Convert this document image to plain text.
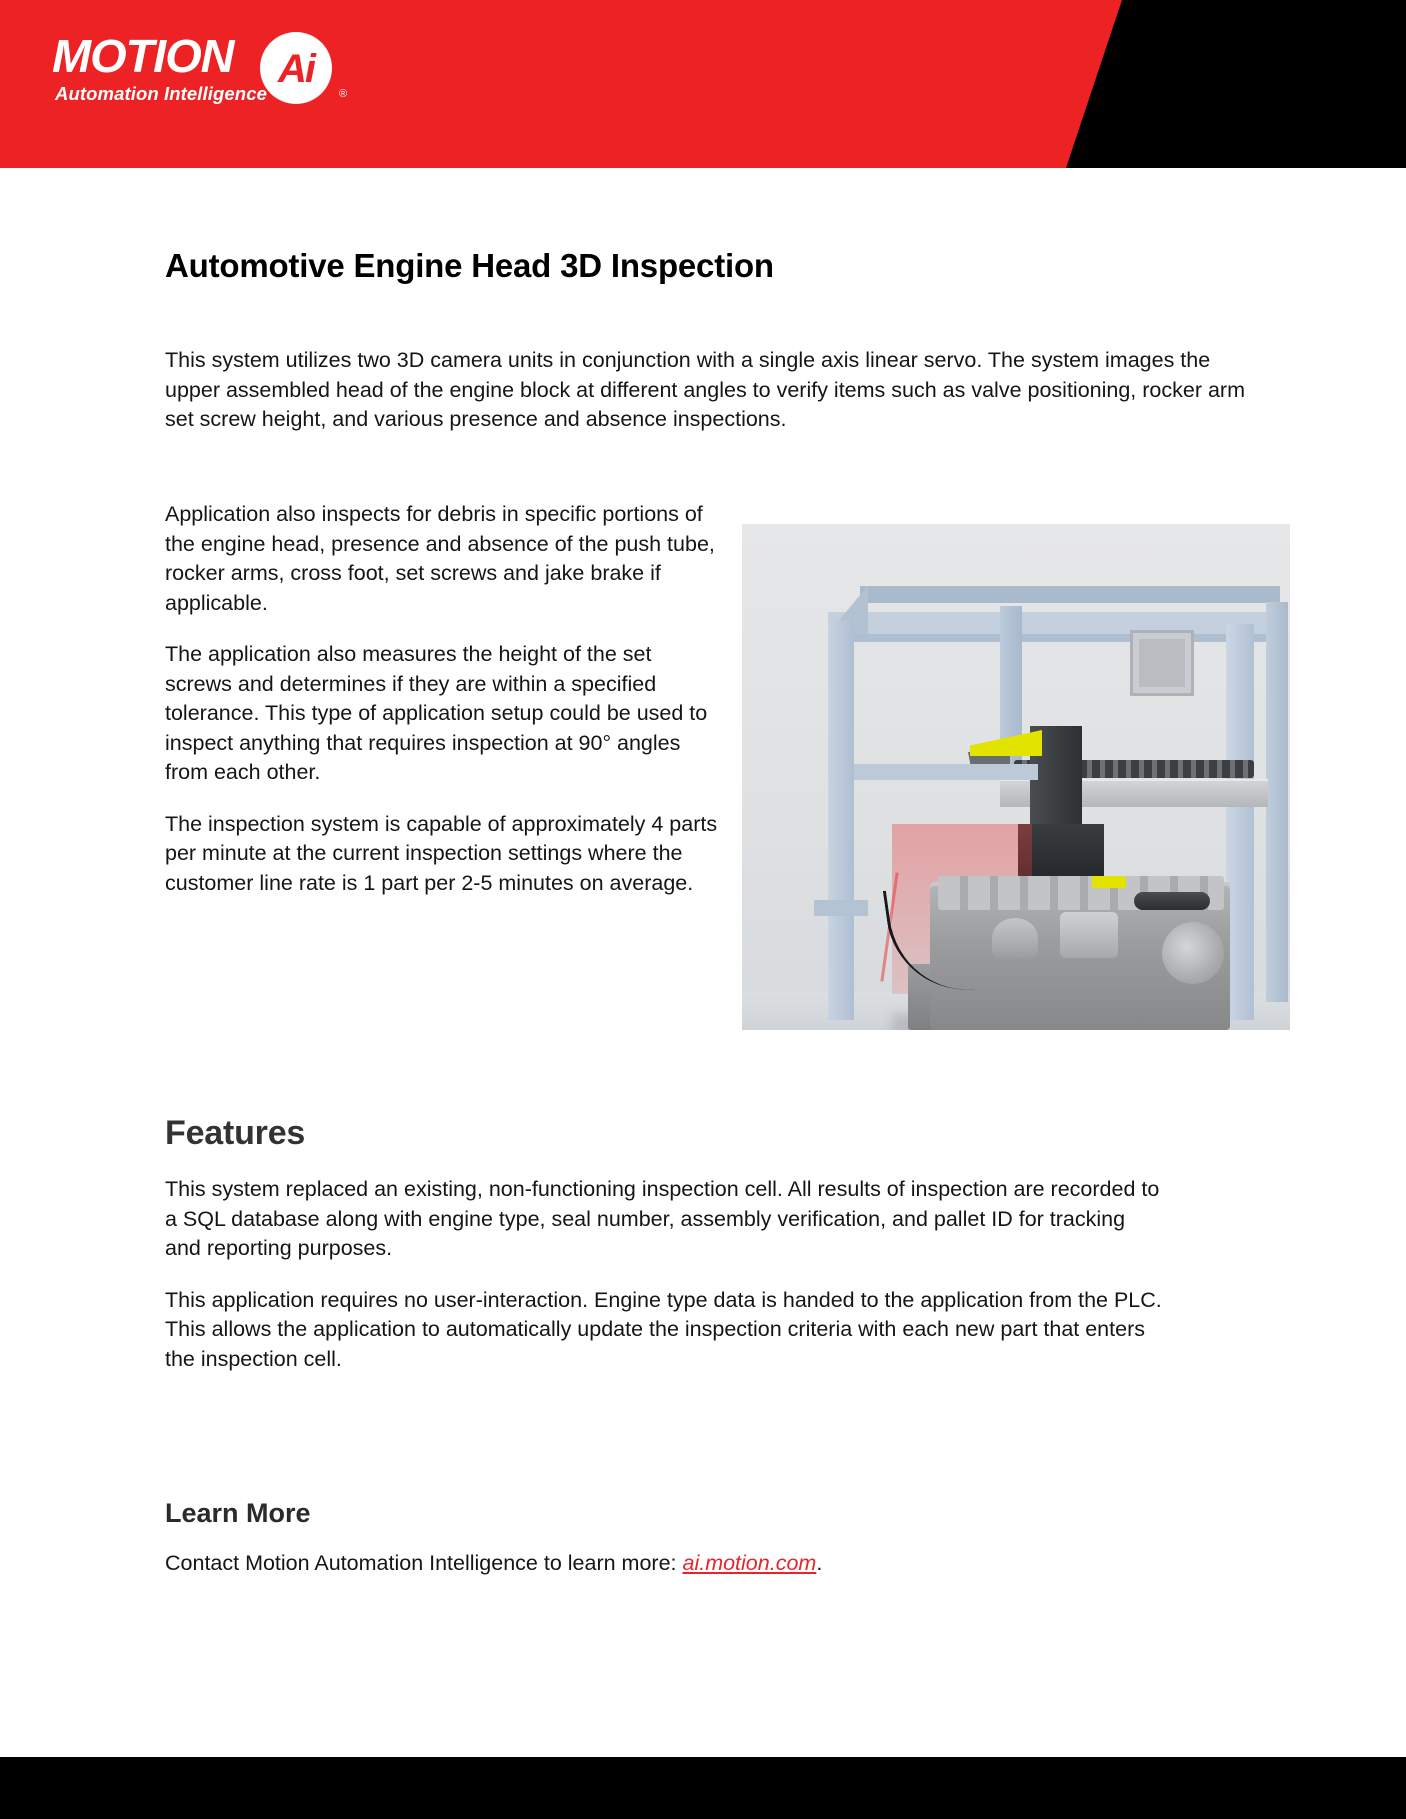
MOTION	Ai
®
Automation Intelligence
Automotive Engine Head 3D Inspection

This system utilizes two 3D camera units in conjunction with a single axis linear servo. The system images the upper assembled head of the engine block at different angles to verify items such as valve positioning, rocker arm set screw height, and various presence and absence inspections.

Application also inspects for debris in specific portions of the engine head, presence and absence of the push tube, rocker arms, cross foot, set screws and jake brake if applicable.

The application also measures the height of the set screws and determines if they are within a specified tolerance. This type of application setup could be used to inspect anything that requires inspection at 90° angles from each other.

The inspection system is capable of approximately 4 parts per minute at the current inspection settings where the customer line rate is 1 part per 2-5 minutes on average.

Features

This system replaced an existing, non-functioning inspection cell. All results of inspection are recorded to a SQL database along with engine type, seal number, assembly verification, and pallet ID for tracking and reporting purposes.

This application requires no user-interaction. Engine type data is handed to the application from the PLC. This allows the application to automatically update the inspection criteria with each new part that enters the inspection cell.

Learn More

Contact Motion Automation Intelligence to learn more: ai.motion.com.
